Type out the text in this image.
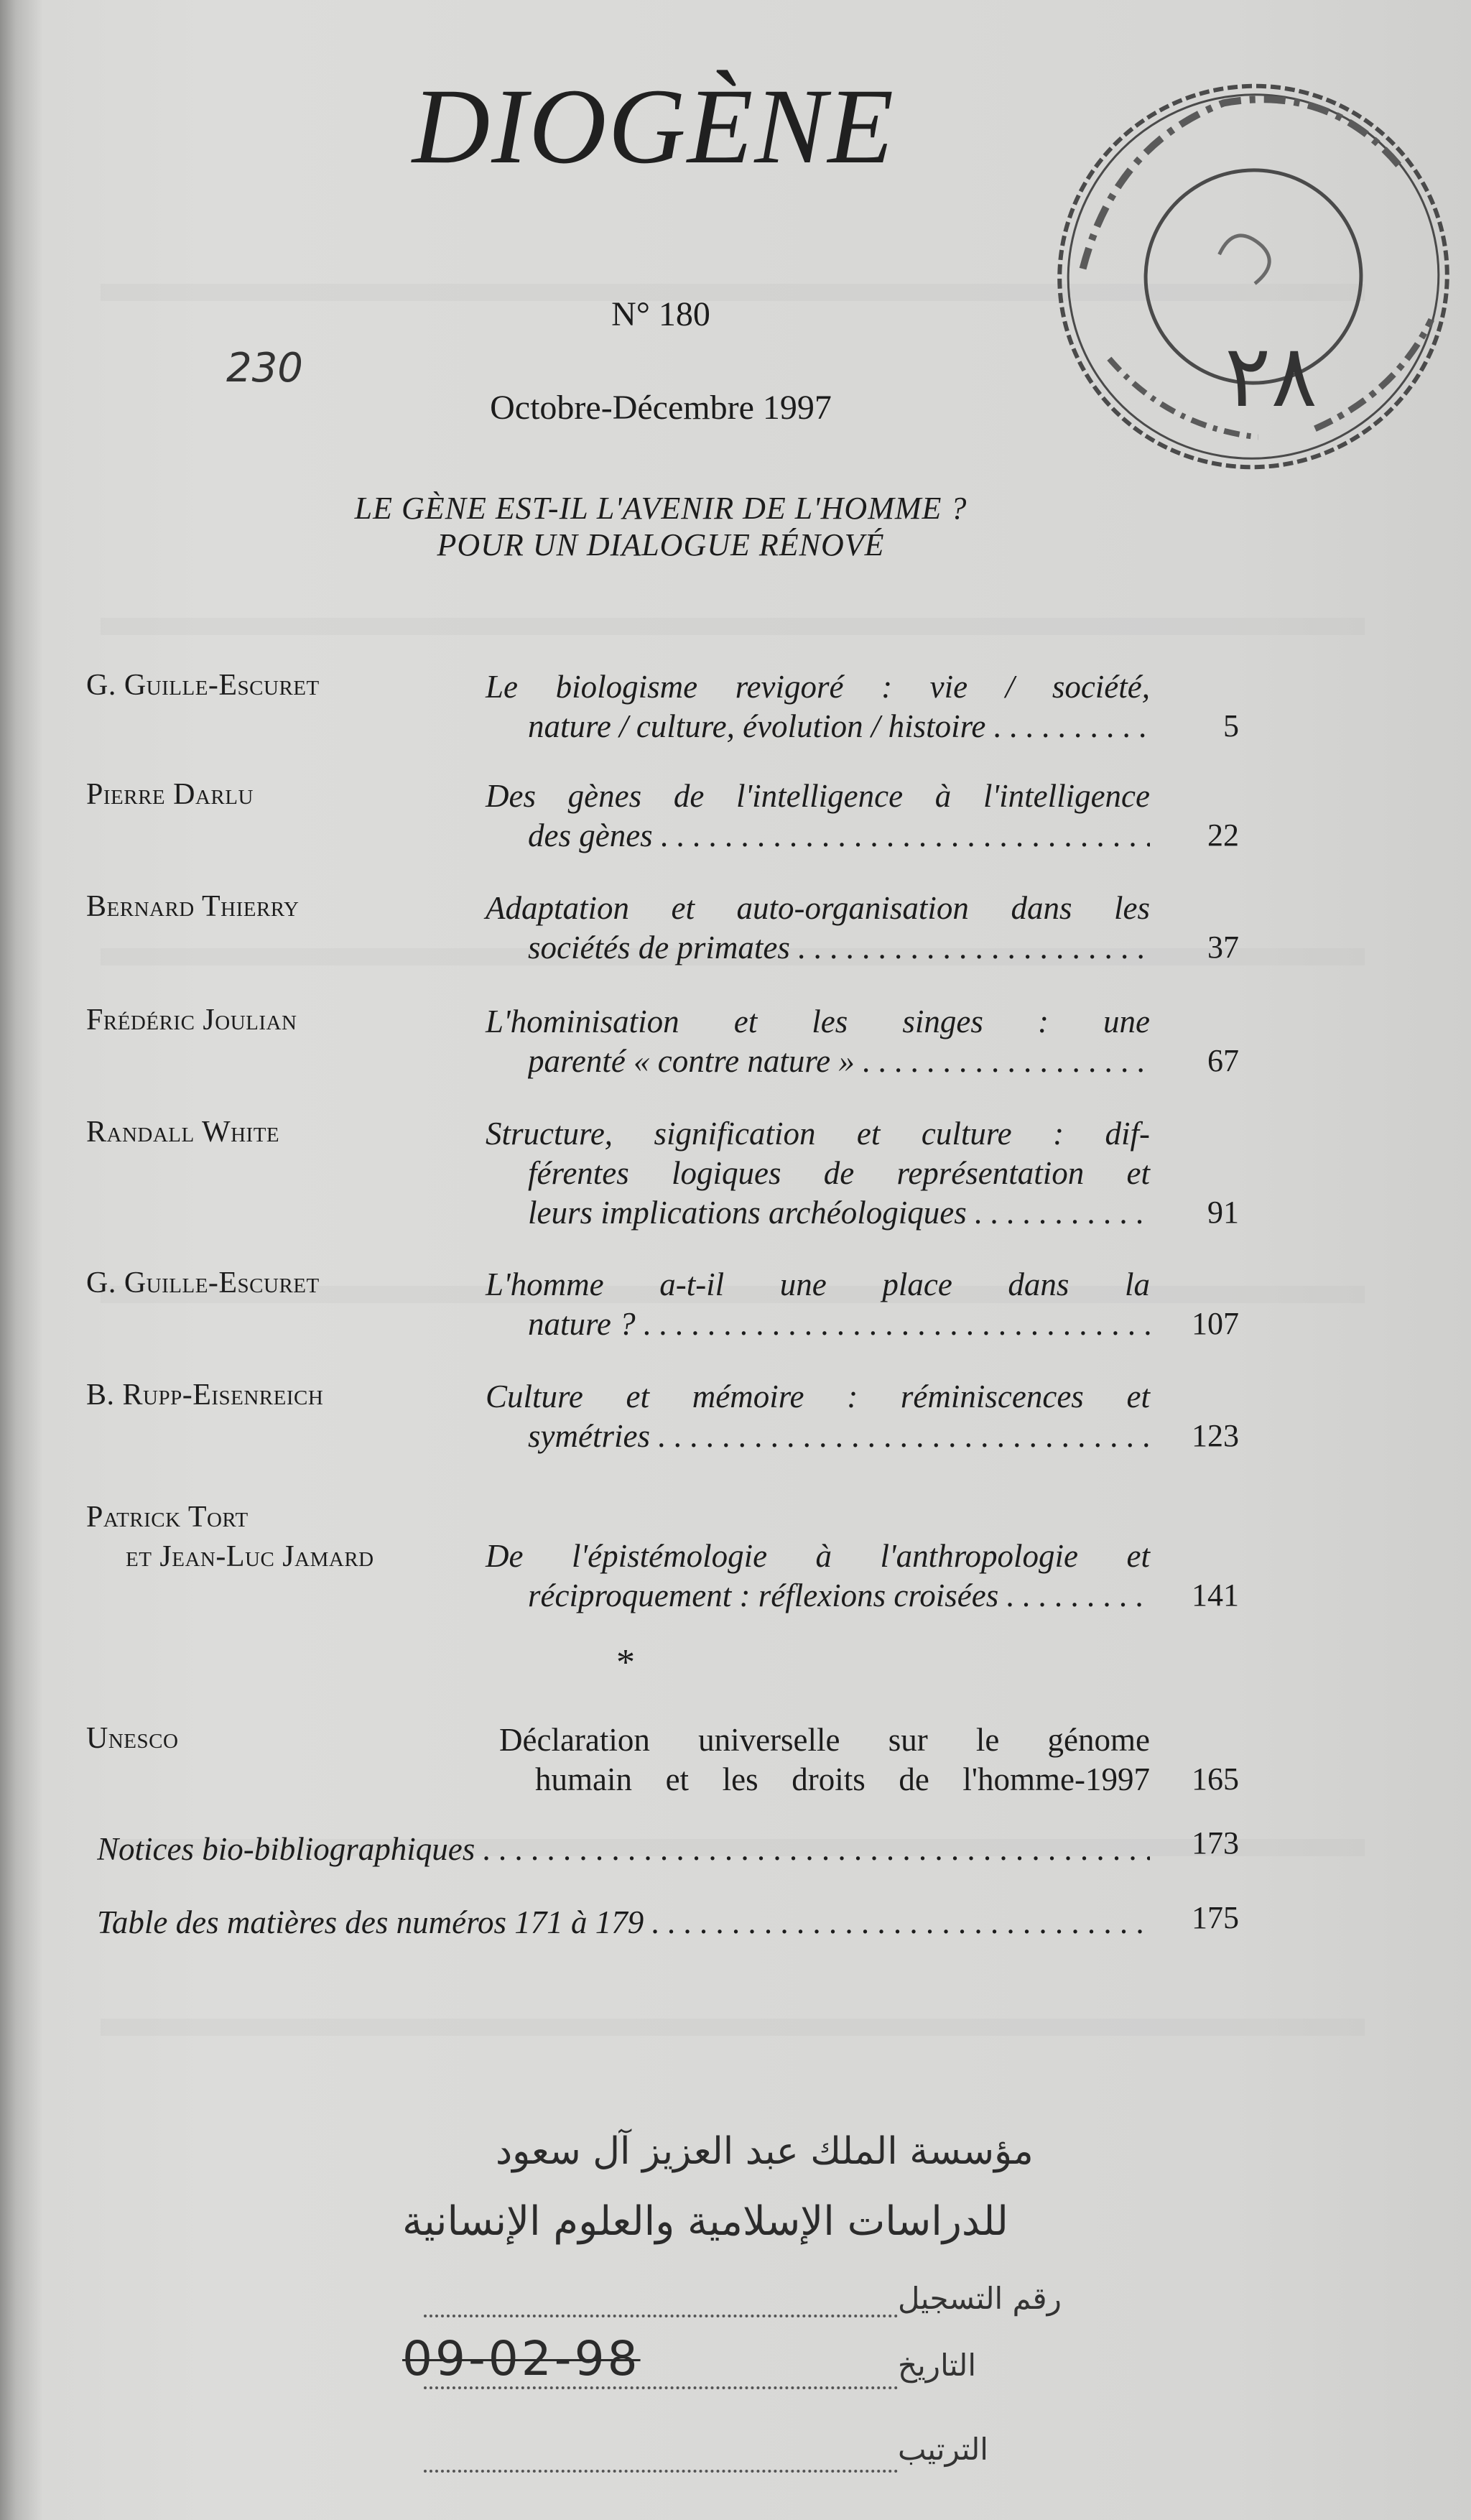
DIOGÈNE
N° 180
230
Octobre-Décembre 1997
LE GÈNE EST-IL L'AVENIR DE L'HOMME ?
POUR UN DIALOGUE RÉNOVÉ
٢٨
G. Guille-Escuret	Le biologisme revigoré : vie / société,
nature / culture, évolution / histoire . . .	5
Pierre Darlu	Des gènes de l'intelligence à l'intelligence
des gènes . . .	22
Bernard Thierry	Adaptation et auto-organisation dans les
sociétés de primates . . .	37
Frédéric Joulian	L'hominisation et les singes : une
parenté « contre nature » . . .	67
Randall White	Structure, signification et culture : dif-
férentes logiques de représentation et
leurs implications archéologiques . . .	91
G. Guille-Escuret	L'homme a-t-il une place dans la
nature ? . . .	107
B. Rupp-Eisenreich	Culture et mémoire : réminiscences et
symétries . . .	123
Patrick Tort
et Jean-Luc Jamard	De l'épistémologie à l'anthropologie et
réciproquement : réflexions croisées . . .	141
*
Unesco	Déclaration universelle sur le génome
humain et les droits de l'homme-1997	165
Notices bio-bibliographiques . . .	173
Table des matières des numéros 171 à 179 . . .	175
مؤسسة الملك عبد العزيز آل سعود
للدراسات الإسلامية والعلوم الإنسانية
رقم التسجيل
09-02-98	التاريخ
الترتيب
